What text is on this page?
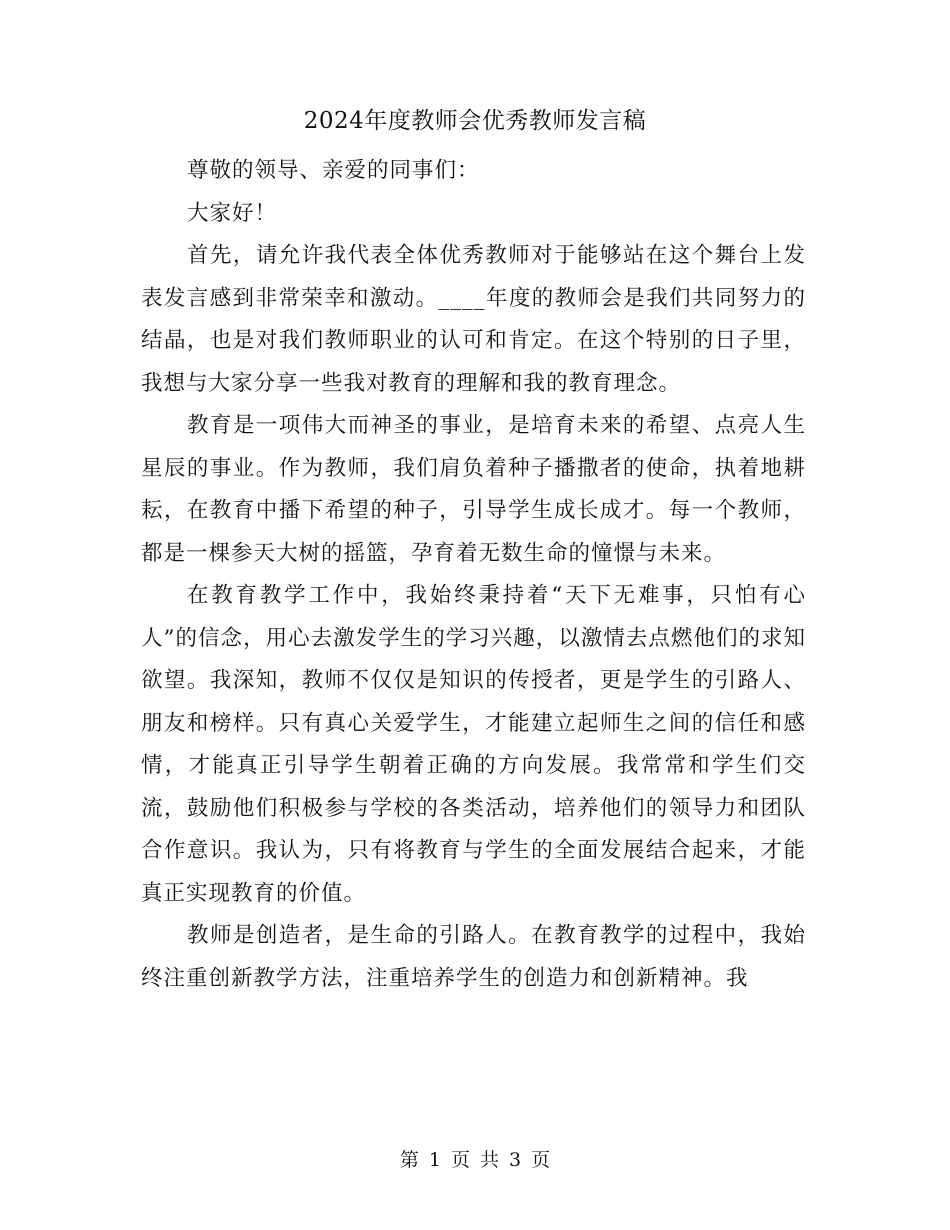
2024年度教师会优秀教师发言稿

尊敬的领导、亲爱的同事们：

大家好！

首先，请允许我代表全体优秀教师对于能够站在这个舞台上发表发言感到非常荣幸和激动。____年度的教师会是我们共同努力的结晶，也是对我们教师职业的认可和肯定。在这个特别的日子里，我想与大家分享一些我对教育的理解和我的教育理念。

教育是一项伟大而神圣的事业，是培育未来的希望、点亮人生星辰的事业。作为教师，我们肩负着种子播撒者的使命，执着地耕耘，在教育中播下希望的种子，引导学生成长成才。每一个教师，都是一棵参天大树的摇篮，孕育着无数生命的憧憬与未来。

在教育教学工作中，我始终秉持着“天下无难事，只怕有心人”的信念，用心去激发学生的学习兴趣，以激情去点燃他们的求知欲望。我深知，教师不仅仅是知识的传授者，更是学生的引路人、朋友和榜样。只有真心关爱学生，才能建立起师生之间的信任和感情，才能真正引导学生朝着正确的方向发展。我常常和学生们交流，鼓励他们积极参与学校的各类活动，培养他们的领导力和团队合作意识。我认为，只有将教育与学生的全面发展结合起来，才能真正实现教育的价值。

教师是创造者，是生命的引路人。在教育教学的过程中，我始终注重创新教学方法，注重培养学生的创造力和创新精神。我

第 1 页 共 3 页
